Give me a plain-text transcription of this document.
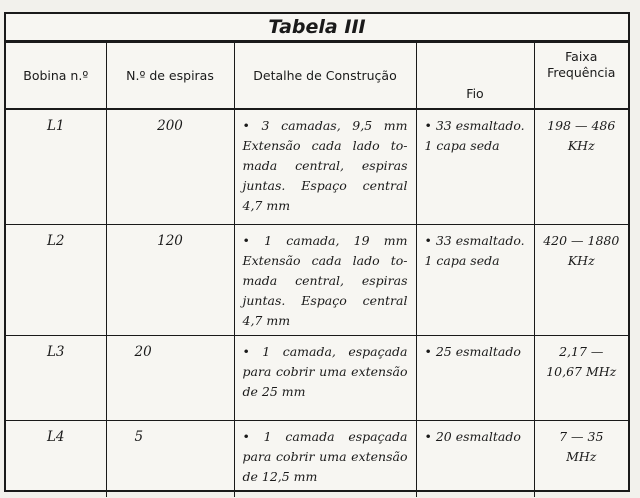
Tabela III
Bobina n.º	N.º de espiras	Detalhe de Construção	Fio	Faixa
Frequência

L1	200	• 3 camadas, 9,5 mm Extensão cada lado to-mada central, espiras juntas. Espaço central 4,7 mm	• 33 esmaltado. 1 capa seda	198 — 486 KHz
L2	120	• 1 camada, 19 mm Extensão cada lado to-mada central, espiras juntas. Espaço central 4,7 mm	• 33 esmaltado. 1 capa seda	420 — 1880 KHz
L3	20	• 1 camada, espaçada para cobrir uma extensão de 25 mm	• 25 esmaltado	2,17 — 10,67 MHz
L4	5	• 1 camada espaçada para cobrir uma extensão de 12,5 mm	• 20 esmaltado	7 — 35 MHz
